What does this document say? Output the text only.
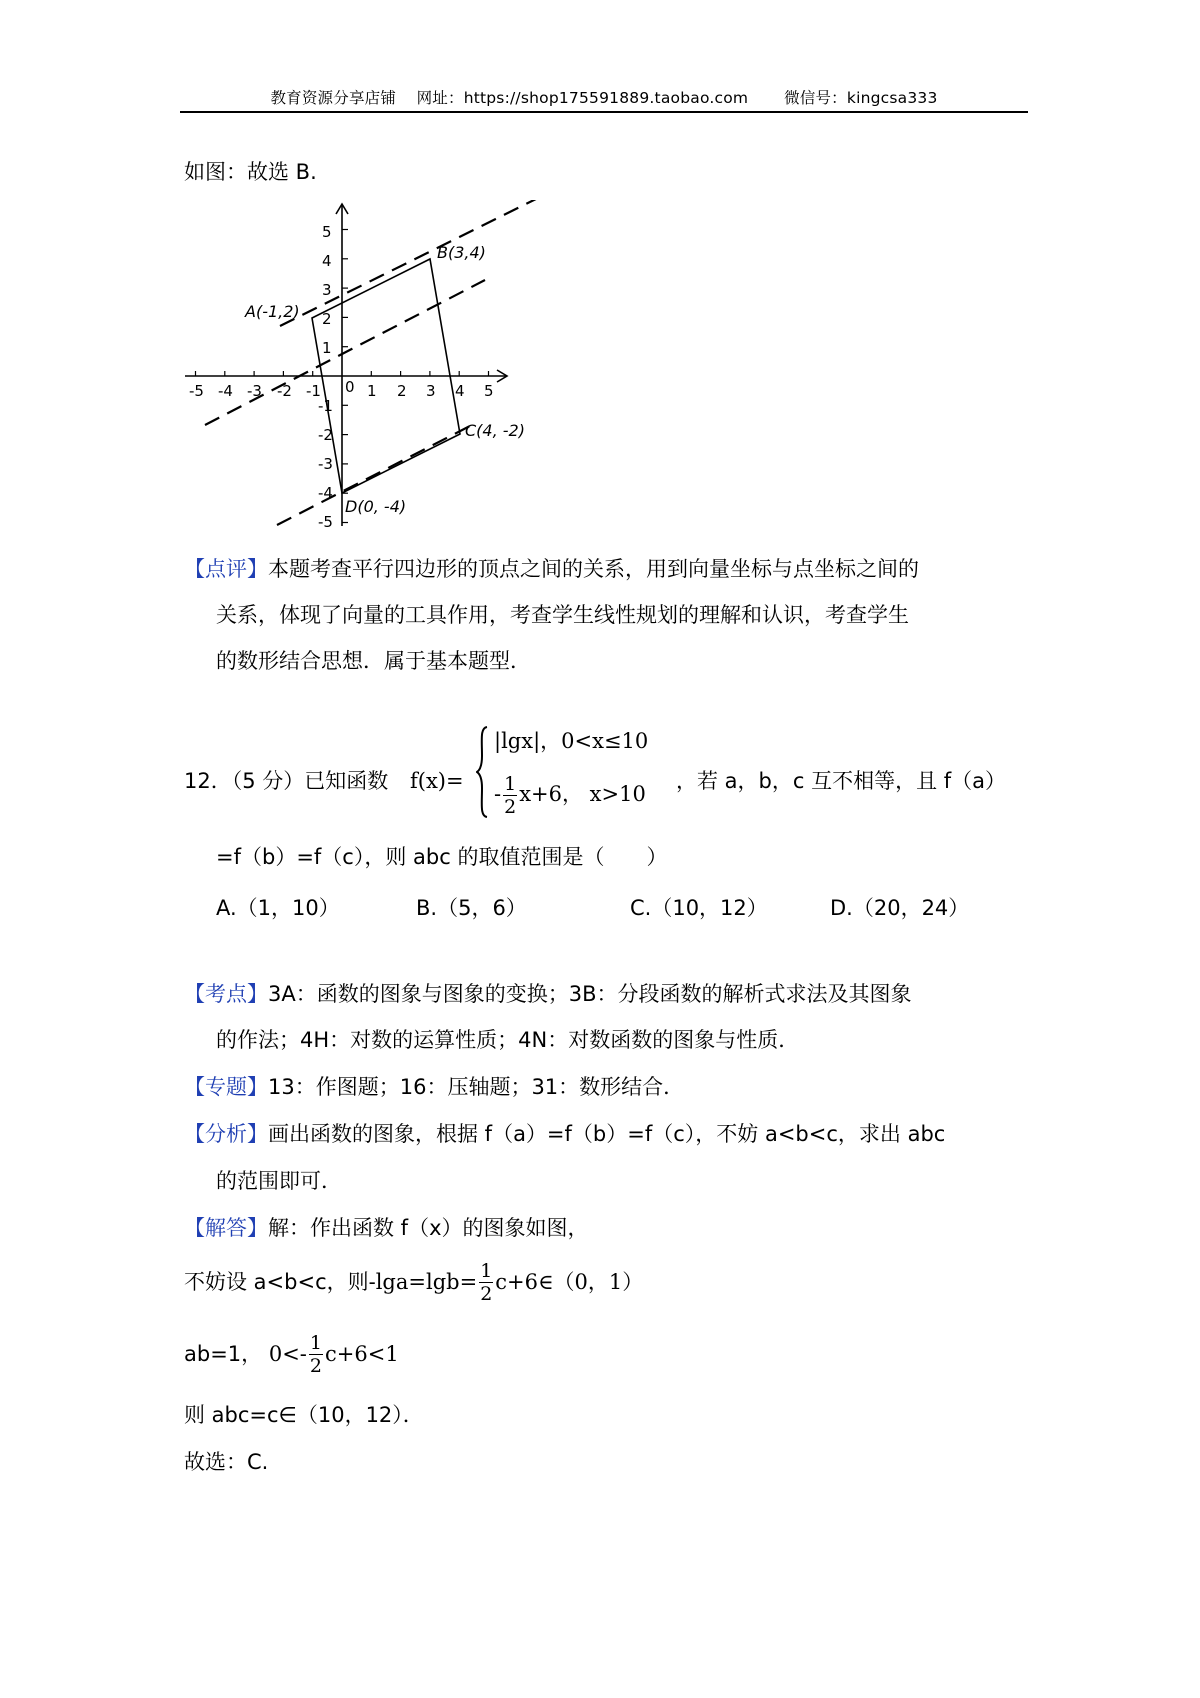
教育资源分享店铺 网址：https://shop175591889.taobao.com 微信号：kingcsa333
如图：故选 B.
-5 -4 -3 -2 -1 0 1 2 3 4 5
1
2
3
4
5
-1
-2
-3
-4
-5
A(-1,2)
B(3,4)
C(4, -2)
D(0, -4)
【点评】本题考查平行四边形的顶点之间的关系，用到向量坐标与点坐标之间的
关系，体现了向量的工具作用，考查学生线性规划的理解和认识，考查学生
的数形结合思想．属于基本题型．
12．（5 分）已知函数 f(x)=
|lgx|，0<x≤10
- $\frac{1}{2} x+6$， x>10
，若 a，b，c 互不相等，且 f（a）
=f（b）=f（c），则 abc 的取值范围是（　　）
A.（1，10）	B.（5，6）	C.（10，12）	D.（20，24）
【考点】3A：函数的图象与图象的变换；3B：分段函数的解析式求法及其图象
的作法；4H：对数的运算性质；4N：对数函数的图象与性质．
【专题】13：作图题；16：压轴题；31：数形结合．
【分析】画出函数的图象，根据 f（a）=f（b）=f（c），不妨 a<b<c，求出 abc
的范围即可．
【解答】解：作出函数 f（x）的图象如图，
不妨设 a<b<c，则$-\lg a=\lg b= \frac{1}{2}$ c+6∈（0，1）
ab=1， $0<- \frac{1}{2} c+6<1$
则 abc=c∈（10，12）．
故选：C.
